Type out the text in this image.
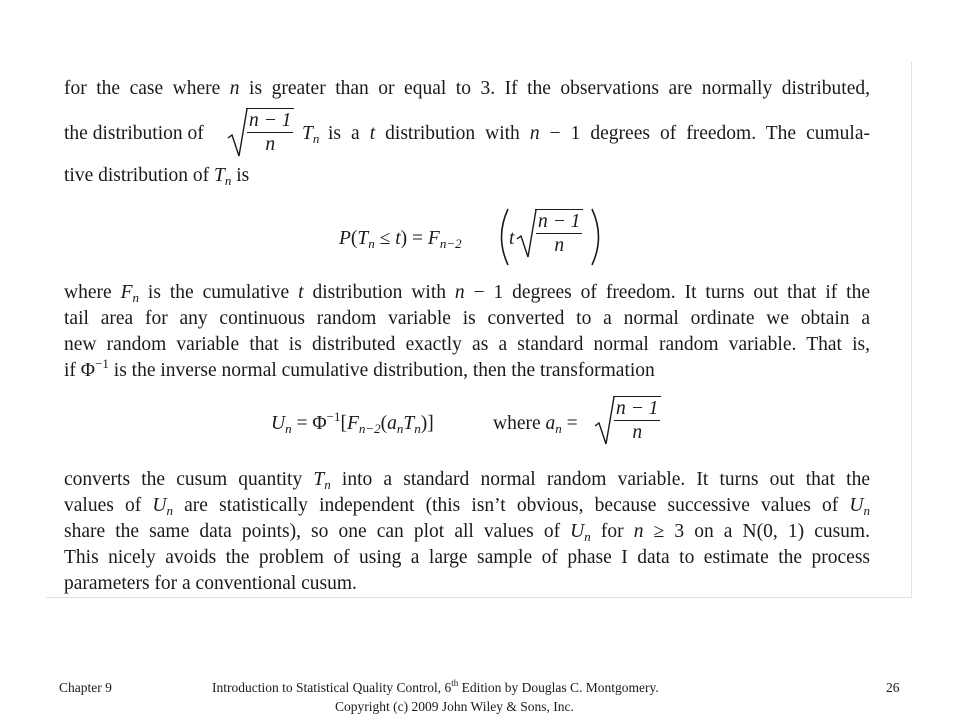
for the case where n is greater than or equal to 3. If the observations are normally distributed,
the distribution of $\frac{n - 1}{n} T_n$ is a t distribution with n − 1 degrees of freedom. The cumula-
tive distribution of $T_n$ is
$P(T_n \le t) = F_{n-2}$ t $\frac{n - 1}{n}$
where $F_n$ is the cumulative t distribution with n − 1 degrees of freedom. It turns out that if the
tail area for any continuous random variable is converted to a normal ordinate we obtain a
new random variable that is distributed exactly as a standard normal random variable. That is,
if $\Phi^{-1}$ is the inverse normal cumulative distribution, then the transformation
$U_n = \Phi^{-1}[F_{n-2}(a_nT_n)]$	where $a_n = \frac{n - 1}{n}$
converts the cusum quantity $T_n$ into a standard normal random variable. It turns out that the
values of $U_n$ are statistically independent (this isn’t obvious, because successive values of $U_n$
share the same data points), so one can plot all values of $U_n$ for n ≥ 3 on a N(0, 1) cusum.
This nicely avoids the problem of using a large sample of phase I data to estimate the process
parameters for a conventional cusum.
Chapter 9	Introduction to Statistical Quality Control, 6th Edition by Douglas C. Montgomery.
Copyright (c) 2009 John Wiley & Sons, Inc.
26
